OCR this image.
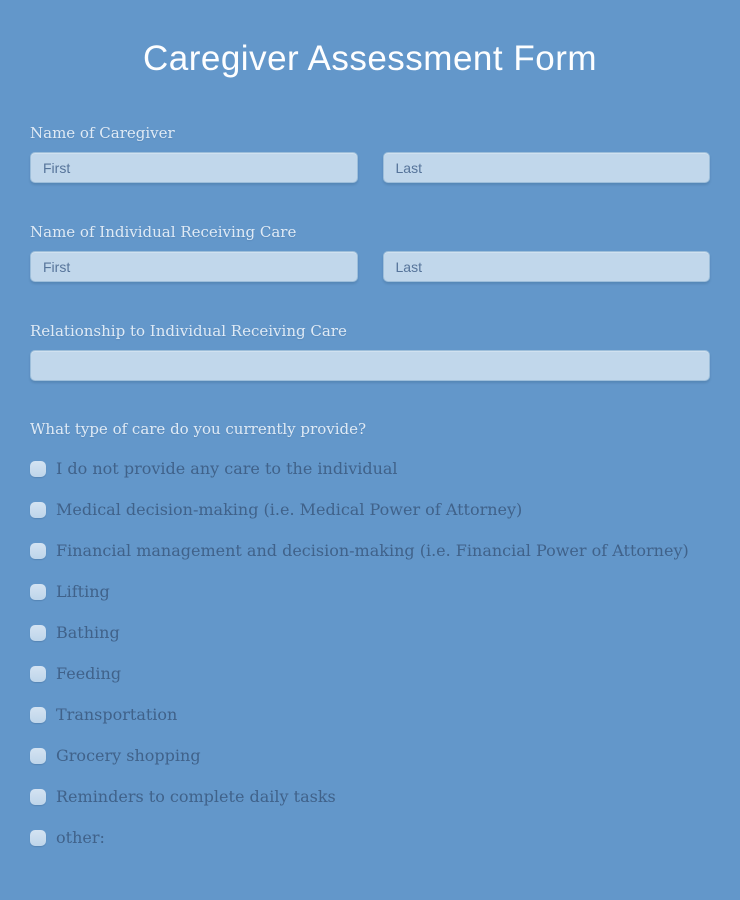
Caregiver Assessment Form
Name of Caregiver
First
Last
Name of Individual Receiving Care
First
Last
Relationship to Individual Receiving Care
What type of care do you currently provide?
I do not provide any care to the individual
Medical decision-making (i.e. Medical Power of Attorney)
Financial management and decision-making (i.e. Financial Power of Attorney)
Lifting
Bathing
Feeding
Transportation
Grocery shopping
Reminders to complete daily tasks
other:
